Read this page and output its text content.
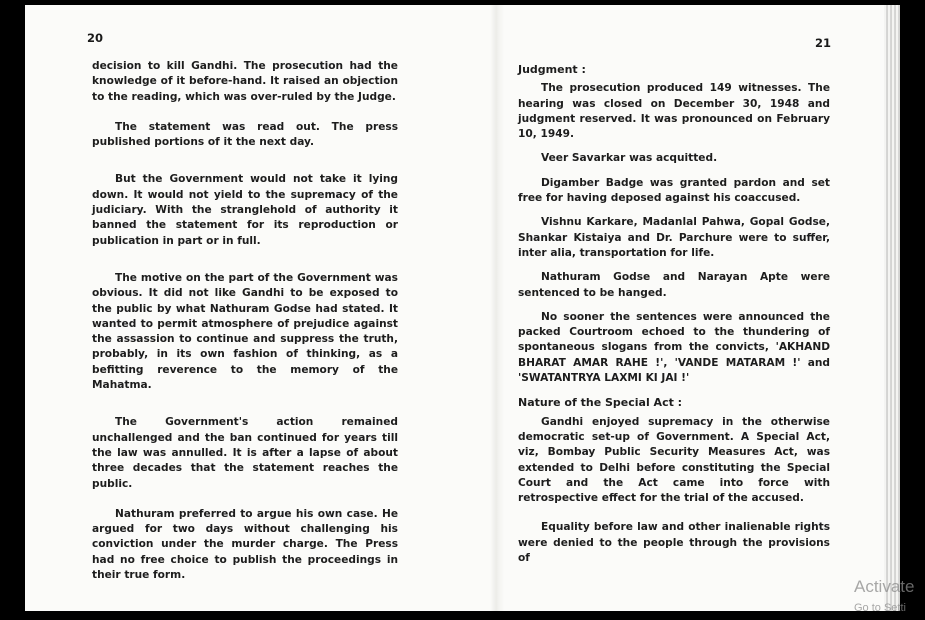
20	21

decision to kill Gandhi. The prosecution had the knowledge of it before-hand. It raised an objection to the reading, which was over-ruled by the Judge.

The statement was read out. The press published portions of it the next day.

But the Government would not take it lying down. It would not yield to the supremacy of the judiciary. With the stranglehold of authority it banned the statement for its reproduction or publication in part or in full.

The motive on the part of the Government was obvious. It did not like Gandhi to be exposed to the public by what Nathuram Godse had stated. It wanted to permit atmosphere of prejudice against the assassion to continue and suppress the truth, probably, in its own fashion of thinking, as a befitting reverence to the memory of the Mahatma.

The Government's action remained unchallenged and the ban continued for years till the law was annulled. It is after a lapse of about three decades that the statement reaches the public.

Nathuram preferred to argue his own case. He argued for two days without challenging his conviction under the murder charge. The Press had no free choice to publish the proceedings in their true form.

Judgment :

The prosecution produced 149 witnesses. The hearing was closed on December 30, 1948 and judgment reserved. It was pronounced on February 10, 1949.

Veer Savarkar was acquitted.

Digamber Badge was granted pardon and set free for having deposed against his coaccused.

Vishnu Karkare, Madanlal Pahwa, Gopal Godse, Shankar Kistaiya and Dr. Parchure were to suffer, inter alia, transportation for life.

Nathuram Godse and Narayan Apte were sentenced to be hanged.

No sooner the sentences were announced the packed Courtroom echoed to the thundering of spontaneous slogans from the convicts, 'AKHAND BHARAT AMAR RAHE !', 'VANDE MATARAM !' and 'SWATANTRYA LAXMI KI JAI !'

Nature of the Special Act :

Gandhi enjoyed supremacy in the otherwise democratic set-up of Government. A Special Act, viz, Bombay Public Security Measures Act, was extended to Delhi before constituting the Special Court and the Act came into force with retrospective effect for the trial of the accused.

Equality before law and other inalienable rights were denied to the people through the provisions of

Activate
Go to Setti
